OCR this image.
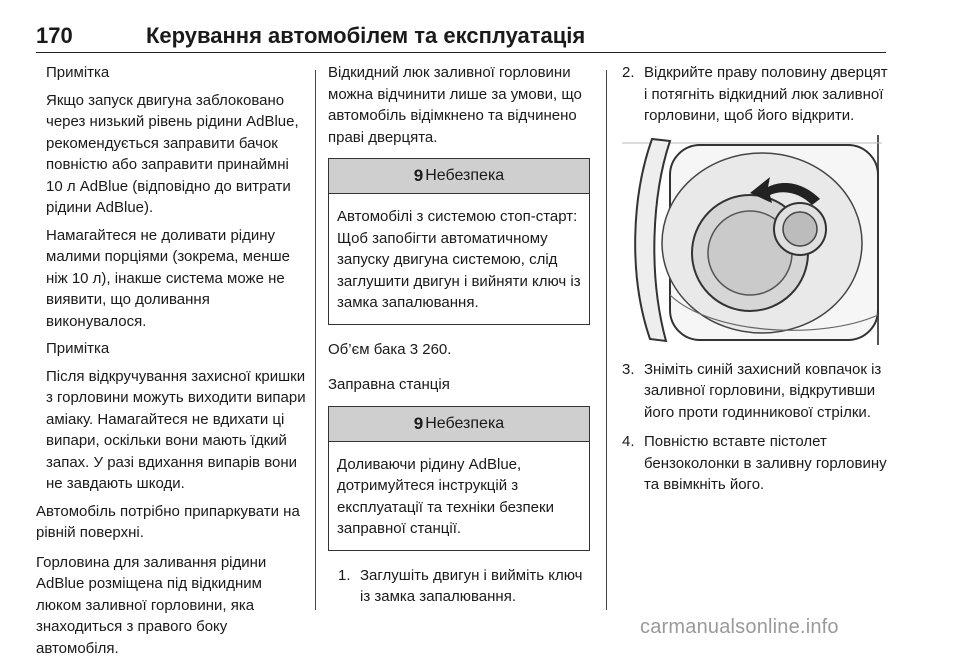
170	Керування автомобілем та експлуатація

Примітка

Якщо запуск двигуна заблоковано через низький рівень рідини AdBlue, рекомендується заправити бачок повністю або заправити принаймні 10 л AdBlue (відповідно до витрати рідини AdBlue).

Намагайтеся не доливати рідину малими порціями (зокрема, менше ніж 10 л), інакше система може не виявити, що доливання виконувалося.

Примітка

Після відкручування захисної кришки з горловини можуть виходити випари аміаку. Намагайтеся не вдихати ці випари, оскільки вони мають їдкий запах. У разі вдихання випарів вони не завдають шкоди.

Автомобіль потрібно припаркувати на рівній поверхні.

Горловина для заливання рідини AdBlue розміщена під відкидним люком заливної горловини, яка знаходиться з правого боку автомобіля.

Відкидний люк заливної горловини можна відчинити лише за умови, що автомобіль відімкнено та відчинено праві дверцята.

9 Небезпека
Автомобілі з системою стоп-старт: Щоб запобігти автоматичному запуску двигуна системою, слід заглушити двигун і вийняти ключ із замка запалювання.

Об’єм бака 3 260.

Заправна станція

9 Небезпека
Доливаючи рідину AdBlue, дотримуйтеся інструкцій з експлуатації та техніки безпеки заправної станції.
1. Заглушіть двигун і вийміть ключ із замка запалювання.
2. Відкрийте праву половину дверцят і потягніть відкидний люк заливної горловини, щоб його відкрити.
3. Зніміть синій захисний ковпачок із заливної горловини, відкрутивши його проти годинникової стрілки.
4. Повністю вставте пістолет бензоколонки в заливну горловину та ввімкніть його.
carmanualsonline.info
